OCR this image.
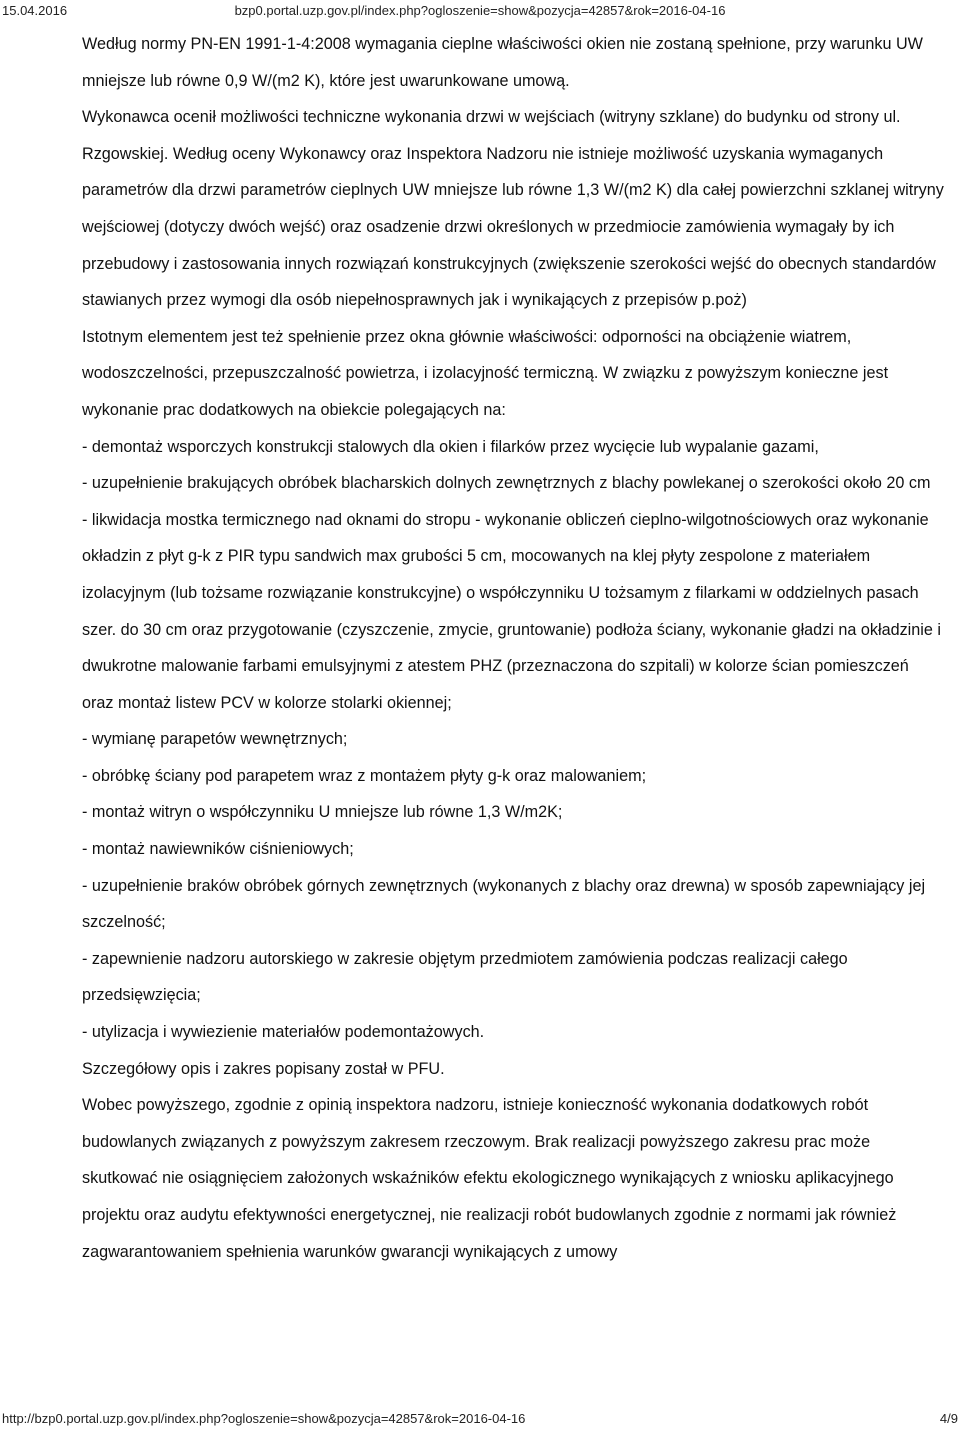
15.04.2016	bzp0.portal.uzp.gov.pl/index.php?ogloszenie=show&pozycja=42857&rok=2016-04-16

Według normy PN-EN 1991-1-4:2008 wymagania cieplne właściwości okien nie zostaną spełnione, przy warunku UW mniejsze lub równe 0,9 W/(m2 K), które jest uwarunkowane umową.

Wykonawca ocenił możliwości techniczne wykonania drzwi w wejściach (witryny szklane) do budynku od strony ul. Rzgowskiej. Według oceny Wykonawcy oraz Inspektora Nadzoru nie istnieje możliwość uzyskania wymaganych parametrów dla drzwi parametrów cieplnych UW mniejsze lub równe 1,3 W/(m2 K) dla całej powierzchni szklanej witryny wejściowej (dotyczy dwóch wejść) oraz osadzenie drzwi określonych w przedmiocie zamówienia wymagały by ich przebudowy i zastosowania innych rozwiązań konstrukcyjnych (zwiększenie szerokości wejść do obecnych standardów stawianych przez wymogi dla osób niepełnosprawnych jak i wynikających z przepisów p.poż)

Istotnym elementem jest też spełnienie przez okna głównie właściwości: odporności na obciążenie wiatrem, wodoszczelności, przepuszczalność powietrza, i izolacyjność termiczną. W związku z powyższym konieczne jest wykonanie prac dodatkowych na obiekcie polegających na:

- demontaż wsporczych konstrukcji stalowych dla okien i filarków przez wycięcie lub wypalanie gazami,

- uzupełnienie brakujących obróbek blacharskich dolnych zewnętrznych z blachy powlekanej o szerokości około 20 cm

- likwidacja mostka termicznego nad oknami do stropu - wykonanie obliczeń cieplno-wilgotnościowych oraz wykonanie okładzin z płyt g-k z PIR typu sandwich max grubości 5 cm, mocowanych na klej płyty zespolone z materiałem izolacyjnym (lub tożsame rozwiązanie konstrukcyjne) o współczynniku U tożsamym z filarkami w oddzielnych pasach szer. do 30 cm oraz przygotowanie (czyszczenie, zmycie, gruntowanie) podłoża ściany, wykonanie gładzi na okładzinie i dwukrotne malowanie farbami emulsyjnymi z atestem PHZ (przeznaczona do szpitali) w kolorze ścian pomieszczeń oraz montaż listew PCV w kolorze stolarki okiennej;

- wymianę parapetów wewnętrznych;

- obróbkę ściany pod parapetem wraz z montażem płyty g-k oraz malowaniem;

- montaż witryn o współczynniku U mniejsze lub równe 1,3 W/m2K;

- montaż nawiewników ciśnieniowych;

- uzupełnienie braków obróbek górnych zewnętrznych (wykonanych z blachy oraz drewna) w sposób zapewniający jej szczelność;

- zapewnienie nadzoru autorskiego w zakresie objętym przedmiotem zamówienia podczas realizacji całego przedsięwzięcia;

- utylizacja i wywiezienie materiałów podemontażowych.

Szczegółowy opis i zakres popisany został w PFU.

Wobec powyższego, zgodnie z opinią inspektora nadzoru, istnieje konieczność wykonania dodatkowych robót budowlanych związanych z powyższym zakresem rzeczowym. Brak realizacji powyższego zakresu prac może skutkować nie osiągnięciem założonych wskaźników efektu ekologicznego wynikających z wniosku aplikacyjnego projektu oraz audytu efektywności energetycznej, nie realizacji robót budowlanych zgodnie z normami jak również zagwarantowaniem spełnienia warunków gwarancji wynikających z umowy

http://bzp0.portal.uzp.gov.pl/index.php?ogloszenie=show&pozycja=42857&rok=2016-04-16	4/9
